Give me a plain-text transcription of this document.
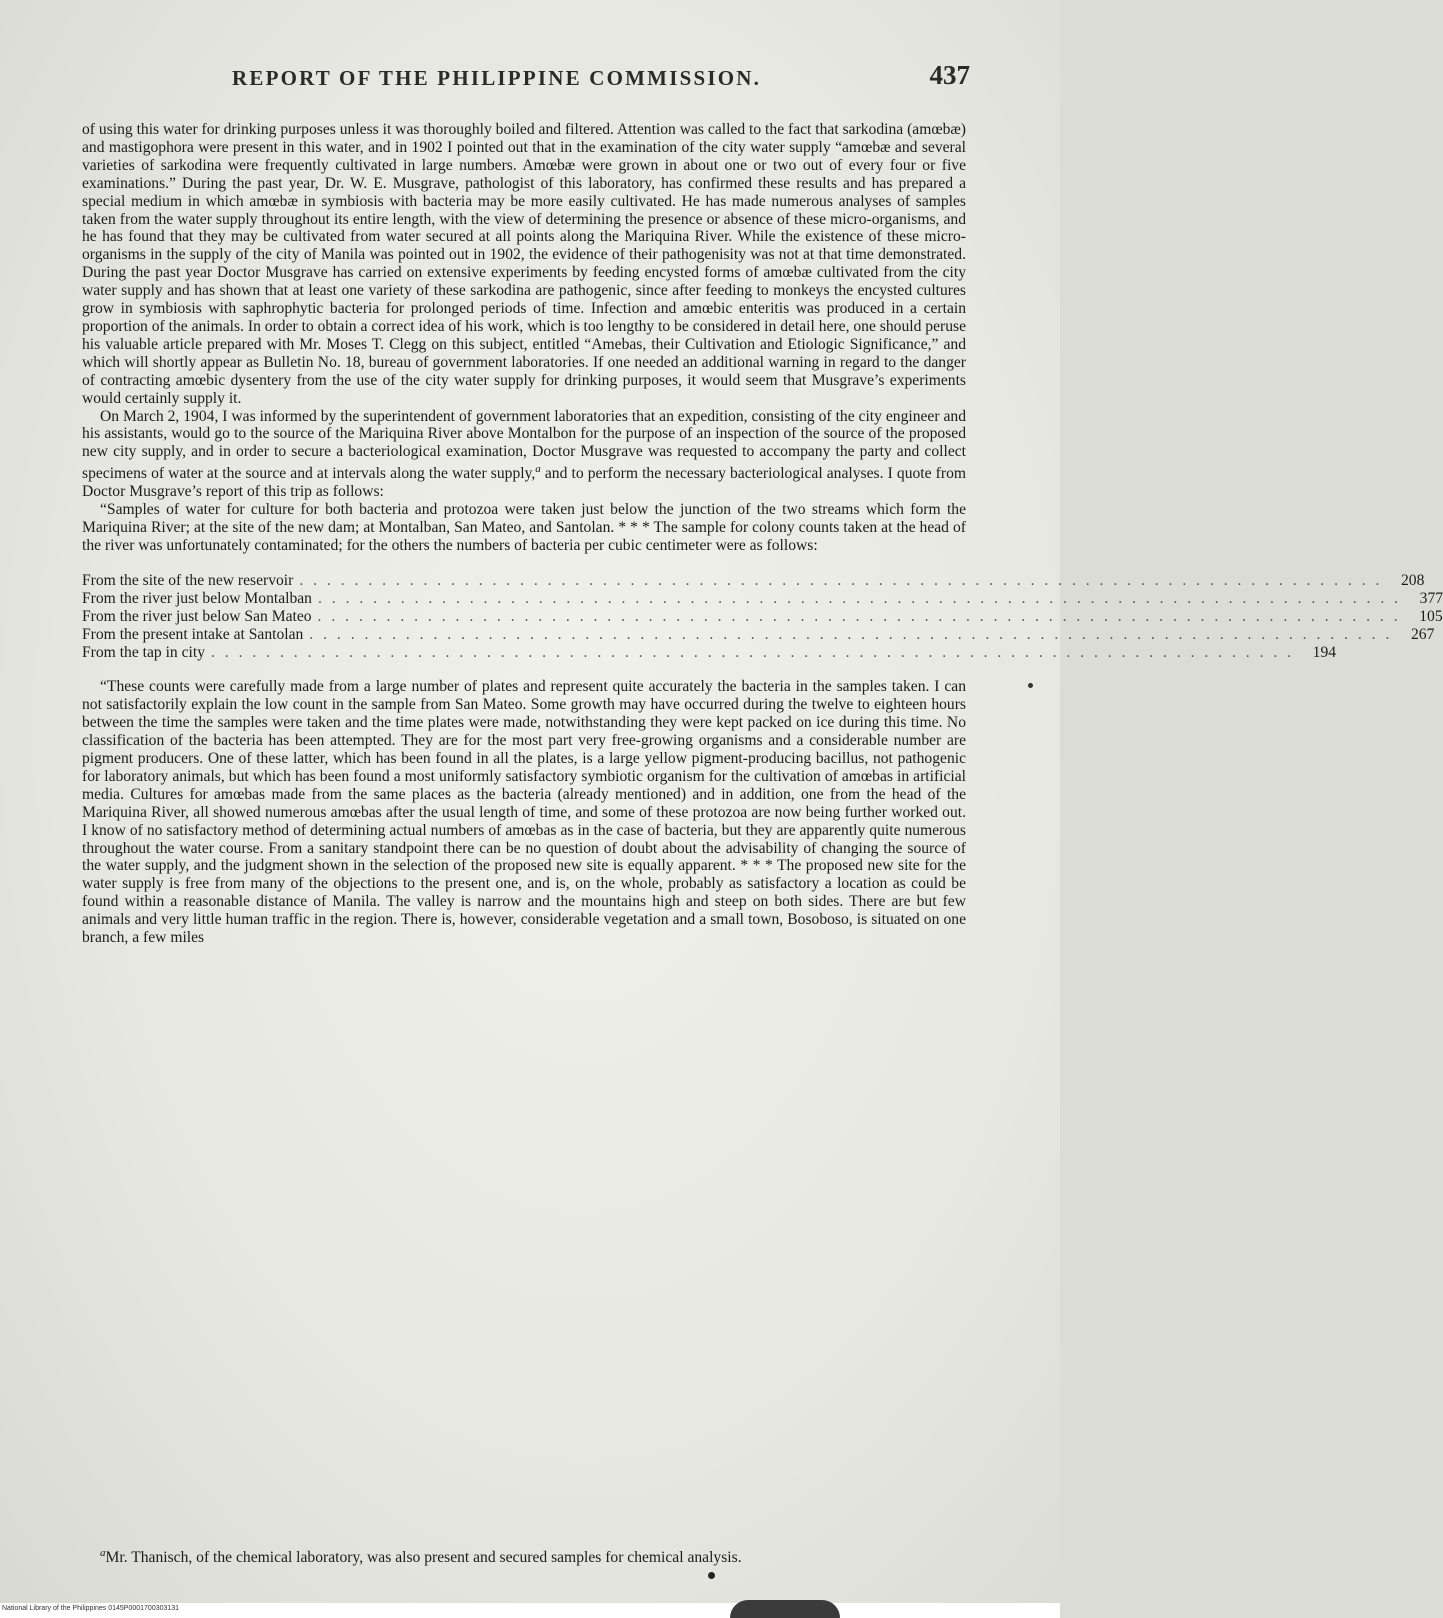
REPORT OF THE PHILIPPINE COMMISSION.	437

of using this water for drinking purposes unless it was thoroughly boiled and filtered. Attention was called to the fact that sarkodina (amœbæ) and mastigophora were present in this water, and in 1902 I pointed out that in the examination of the city water supply “amœbæ and several varieties of sarkodina were frequently cultivated in large numbers. Amœbæ were grown in about one or two out of every four or five examinations.” During the past year, Dr. W. E. Musgrave, pathologist of this laboratory, has confirmed these results and has prepared a special medium in which amœbæ in symbiosis with bacteria may be more easily cultivated. He has made numerous analyses of samples taken from the water supply throughout its entire length, with the view of determining the presence or absence of these micro-organisms, and he has found that they may be cultivated from water secured at all points along the Mariquina River. While the existence of these micro-organisms in the supply of the city of Manila was pointed out in 1902, the evidence of their pathogenisity was not at that time demonstrated. During the past year Doctor Musgrave has carried on extensive experiments by feeding encysted forms of amœbæ cultivated from the city water supply and has shown that at least one variety of these sarkodina are pathogenic, since after feeding to monkeys the encysted cultures grow in symbiosis with saphrophytic bacteria for prolonged periods of time. Infection and amœbic enteritis was produced in a certain proportion of the animals. In order to obtain a correct idea of his work, which is too lengthy to be considered in detail here, one should peruse his valuable article prepared with Mr. Moses T. Clegg on this subject, entitled “Amebas, their Cultivation and Etiologic Significance,” and which will shortly appear as Bulletin No. 18, bureau of government laboratories. If one needed an additional warning in regard to the danger of contracting amœbic dysentery from the use of the city water supply for drinking purposes, it would seem that Musgrave’s experiments would certainly supply it.

On March 2, 1904, I was informed by the superintendent of government laboratories that an expedition, consisting of the city engineer and his assistants, would go to the source of the Mariquina River above Montalbon for the purpose of an inspection of the source of the proposed new city supply, and in order to secure a bacteriological examination, Doctor Musgrave was requested to accompany the party and collect specimens of water at the source and at intervals along the water supply,$^a$ and to perform the necessary bacteriological analyses. I quote from Doctor Musgrave’s report of this trip as follows:

“Samples of water for culture for both bacteria and protozoa were taken just below the junction of the two streams which form the Mariquina River; at the site of the new dam; at Montalban, San Mateo, and Santolan. * * * The sample for colony counts taken at the head of the river was unfortunately contaminated; for the others the numbers of bacteria per cubic centimeter were as follows:

From the site of the new reservoir . . . . . . . . . . . . . . . . . . . . . . . . . . . . . . . . . . . . . . . . . . . . . . . . . . . . . . . . . . . . . . . . . . . . . . . . . . . . . . .	208
From the river just below Montalban . . . . . . . . . . . . . . . . . . . . . . . . . . . . . . . . . . . . . . . . . . . . . . . . . . . . . . . . . . . . . . . . . . . . . . . . . . . . . . .	377
From the river just below San Mateo . . . . . . . . . . . . . . . . . . . . . . . . . . . . . . . . . . . . . . . . . . . . . . . . . . . . . . . . . . . . . . . . . . . . . . . . . . . . . . .	105
From the present intake at Santolan . . . . . . . . . . . . . . . . . . . . . . . . . . . . . . . . . . . . . . . . . . . . . . . . . . . . . . . . . . . . . . . . . . . . . . . . . . . . . . .	267
From the tap in city . . . . . . . . . . . . . . . . . . . . . . . . . . . . . . . . . . . . . . . . . . . . . . . . . . . . . . . . . . . . . . . . . . . . . . . . . . . . . . .	194

“These counts were carefully made from a large number of plates and represent quite accurately the bacteria in the samples taken. I can not satisfactorily explain the low count in the sample from San Mateo. Some growth may have occurred during the twelve to eighteen hours between the time the samples were taken and the time plates were made, notwithstanding they were kept packed on ice during this time. No classification of the bacteria has been attempted. They are for the most part very free-growing organisms and a considerable number are pigment producers. One of these latter, which has been found in all the plates, is a large yellow pigment-producing bacillus, not pathogenic for laboratory animals, but which has been found a most uniformly satisfactory symbiotic organism for the cultivation of amœbas in artificial media. Cultures for amœbas made from the same places as the bacteria (already mentioned) and in addition, one from the head of the Mariquina River, all showed numerous amœbas after the usual length of time, and some of these protozoa are now being further worked out. I know of no satisfactory method of determining actual numbers of amœbas as in the case of bacteria, but they are apparently quite numerous throughout the water course. From a sanitary standpoint there can be no question of doubt about the advisability of changing the source of the water supply, and the judgment shown in the selection of the proposed new site is equally apparent. * * * The proposed new site for the water supply is free from many of the objections to the present one, and is, on the whole, probably as satisfactory a location as could be found within a reasonable distance of Manila. The valley is narrow and the mountains high and steep on both sides. There are but few animals and very little human traffic in the region. There is, however, considerable vegetation and a small town, Bosoboso, is situated on one branch, a few miles

$^a$Mr. Thanisch, of the chemical laboratory, was also present and secured samples for chemical analysis.
National Library of the Philippines 0145P0001700303131
